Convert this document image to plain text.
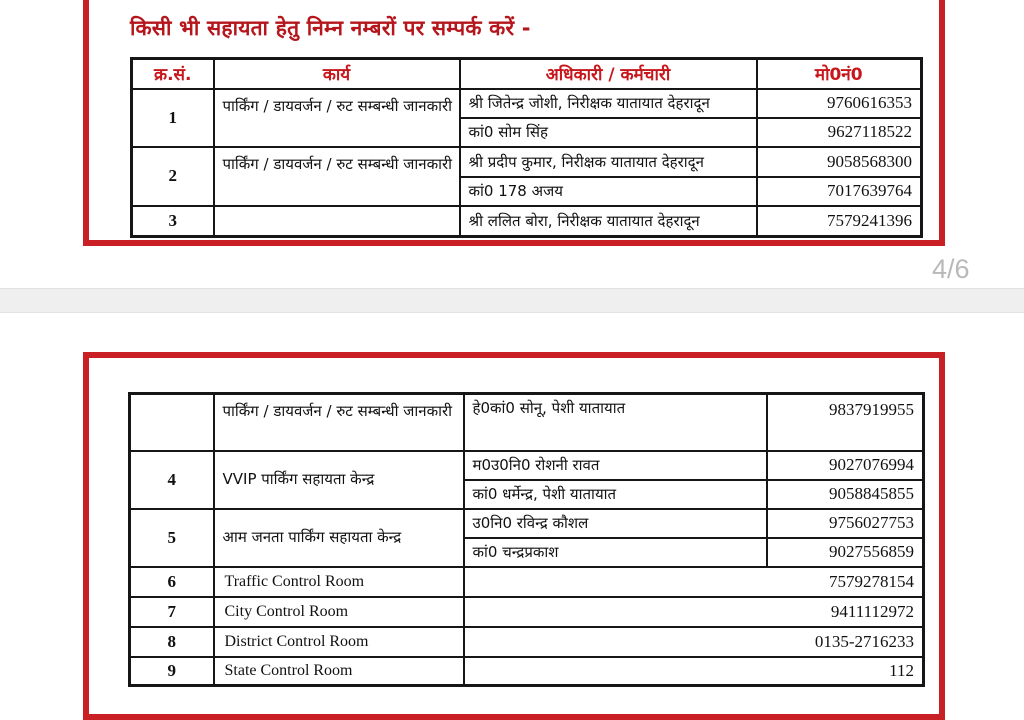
किसी भी सहायता हेतु निम्न नम्बरों पर सम्पर्क करें -
क्र.सं.	कार्य	अधिकारी / कर्मचारी	मो0नं0
1	पार्किंग / डायवर्जन / रुट सम्बन्धी जानकारी	श्री जितेन्द्र जोशी, निरीक्षक यातायात देहरादून	9760616353
		कां0 सोम सिंह	9627118522
2	पार्किंग / डायवर्जन / रुट सम्बन्धी जानकारी	श्री प्रदीप कुमार, निरीक्षक यातायात देहरादून	9058568300
		कां0 178 अजय	7017639764
3		श्री ललित बोरा, निरीक्षक यातायात देहरादून	7579241396
4/6
	पार्किंग / डायवर्जन / रुट सम्बन्धी जानकारी	हे0कां0 सोनू, पेशी यातायात	9837919955
4	VVIP पार्किंग सहायता केन्द्र	म0उ0नि0 रोशनी रावत	9027076994
		कां0 धर्मेन्द्र, पेशी यातायात	9058845855
5	आम जनता पार्किंग सहायता केन्द्र	उ0नि0 रविन्द्र कौशल	9756027753
		कां0 चन्द्रप्रकाश	9027556859
6	Traffic Control Room	7579278154	
7	City Control Room	9411112972	
8	District Control Room	0135-2716233	
9	State Control Room	112	
